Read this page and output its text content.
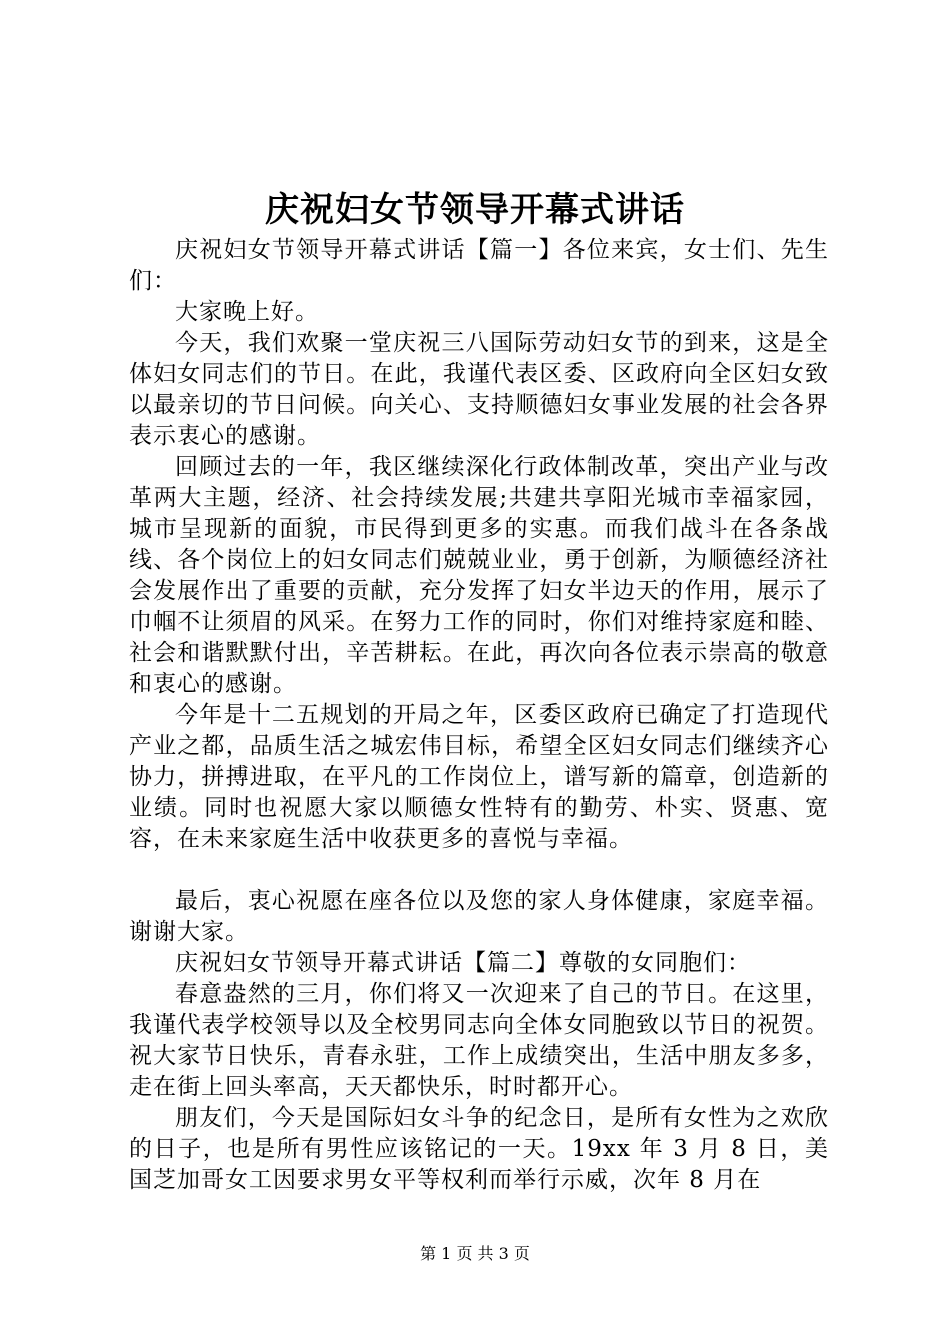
庆祝妇女节领导开幕式讲话

庆祝妇女节领导开幕式讲话【篇一】各位来宾，女士们、先生们：

大家晚上好。

今天，我们欢聚一堂庆祝三八国际劳动妇女节的到来，这是全体妇女同志们的节日。在此，我谨代表区委、区政府向全区妇女致以最亲切的节日问候。向关心、支持顺德妇女事业发展的社会各界表示衷心的感谢。

回顾过去的一年，我区继续深化行政体制改革，突出产业与改革两大主题，经济、社会持续发展;共建共享阳光城市幸福家园，城市呈现新的面貌，市民得到更多的实惠。而我们战斗在各条战线、各个岗位上的妇女同志们兢兢业业，勇于创新，为顺德经济社会发展作出了重要的贡献，充分发挥了妇女半边天的作用，展示了巾帼不让须眉的风采。在努力工作的同时，你们对维持家庭和睦、社会和谐默默付出，辛苦耕耘。在此，再次向各位表示崇高的敬意和衷心的感谢。

今年是十二五规划的开局之年，区委区政府已确定了打造现代产业之都，品质生活之城宏伟目标，希望全区妇女同志们继续齐心协力，拼搏进取，在平凡的工作岗位上，谱写新的篇章，创造新的业绩。同时也祝愿大家以顺德女性特有的勤劳、朴实、贤惠、宽容，在未来家庭生活中收获更多的喜悦与幸福。

最后，衷心祝愿在座各位以及您的家人身体健康，家庭幸福。谢谢大家。

庆祝妇女节领导开幕式讲话【篇二】尊敬的女同胞们：

春意盎然的三月，你们将又一次迎来了自己的节日。在这里，我谨代表学校领导以及全校男同志向全体女同胞致以节日的祝贺。祝大家节日快乐，青春永驻，工作上成绩突出，生活中朋友多多，走在街上回头率高，天天都快乐，时时都开心。

朋友们，今天是国际妇女斗争的纪念日，是所有女性为之欢欣的日子，也是所有男性应该铭记的一天。19xx 年 3 月 8 日，美国芝加哥女工因要求男女平等权利而举行示威，次年 8 月在

第 1 页 共 3 页
